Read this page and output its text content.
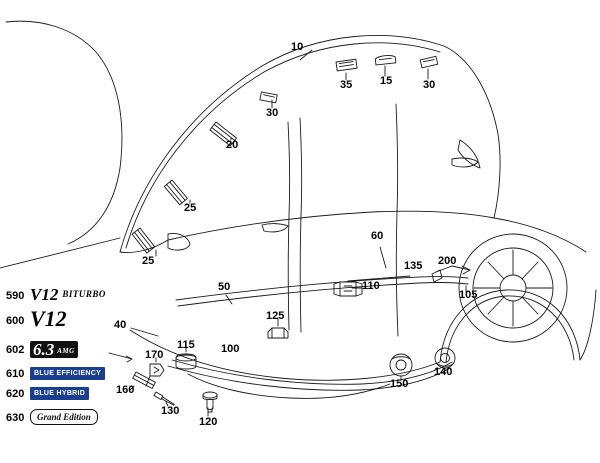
10
35	15	30
30
20
25
25
60
200
135
110
105
50
125
40
115 100
170
140
150
160
130
120
590 V12 BITURBO
600 V12
602 6.3 AMG
610	BLUE EFFICIENCY
620	BLUE HYBRID
630	Grand Edition
